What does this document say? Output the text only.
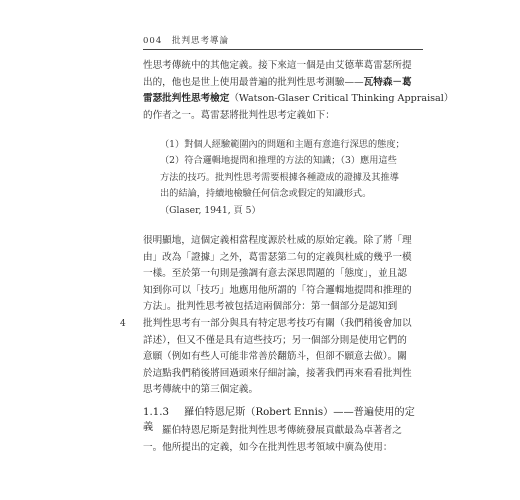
004 批判思考導論
性思考傳統中的其他定義。接下來這一個是由艾德華葛雷瑟所提
出的，他也是世上使用最普遍的批判性思考測驗——瓦特森－葛
雷瑟批判性思考檢定（Watson-Glaser Critical Thinking Appraisal）
的作者之一。葛雷瑟將批判性思考定義如下：
（1）對個人經驗範圍內的問題和主題有意進行深思的態度；
（2）符合邏輯地提問和推理的方法的知識；（3）應用這些
方法的技巧。批判性思考需要根據各種證成的證據及其推導
出的結論，持續地檢驗任何信念或假定的知識形式。
（Glaser, 1941, 頁 5）
很明顯地，這個定義相當程度源於杜威的原始定義。除了將「理
由」改為「證據」之外，葛雷瑟第二句的定義與杜威的幾乎一模
一樣。至於第一句則是強調有意去深思問題的「態度」，並且認
知到你可以「技巧」地應用他所謂的「符合邏輯地提問和推理的
方法」。批判性思考被包括這兩個部分：第一個部分是認知到
批判性思考有一部分與具有特定思考技巧有關（我們稍後會加以
詳述），但又不僅是具有這些技巧；另一個部分則是使用它們的
意願（例如有些人可能非常善於翻筋斗，但卻不願意去做）。關
於這點我們稍後將回過頭來仔細討論，接著我們再來看看批判性
思考傳統中的第三個定義。
4
1.1.3 羅伯特恩尼斯（Robert Ennis）——普遍使用的定義 羅伯特恩尼斯是對批判性思考傳統發展貢獻最為卓著者之
一。他所提出的定義，如今在批判性思考領域中廣為使用：
